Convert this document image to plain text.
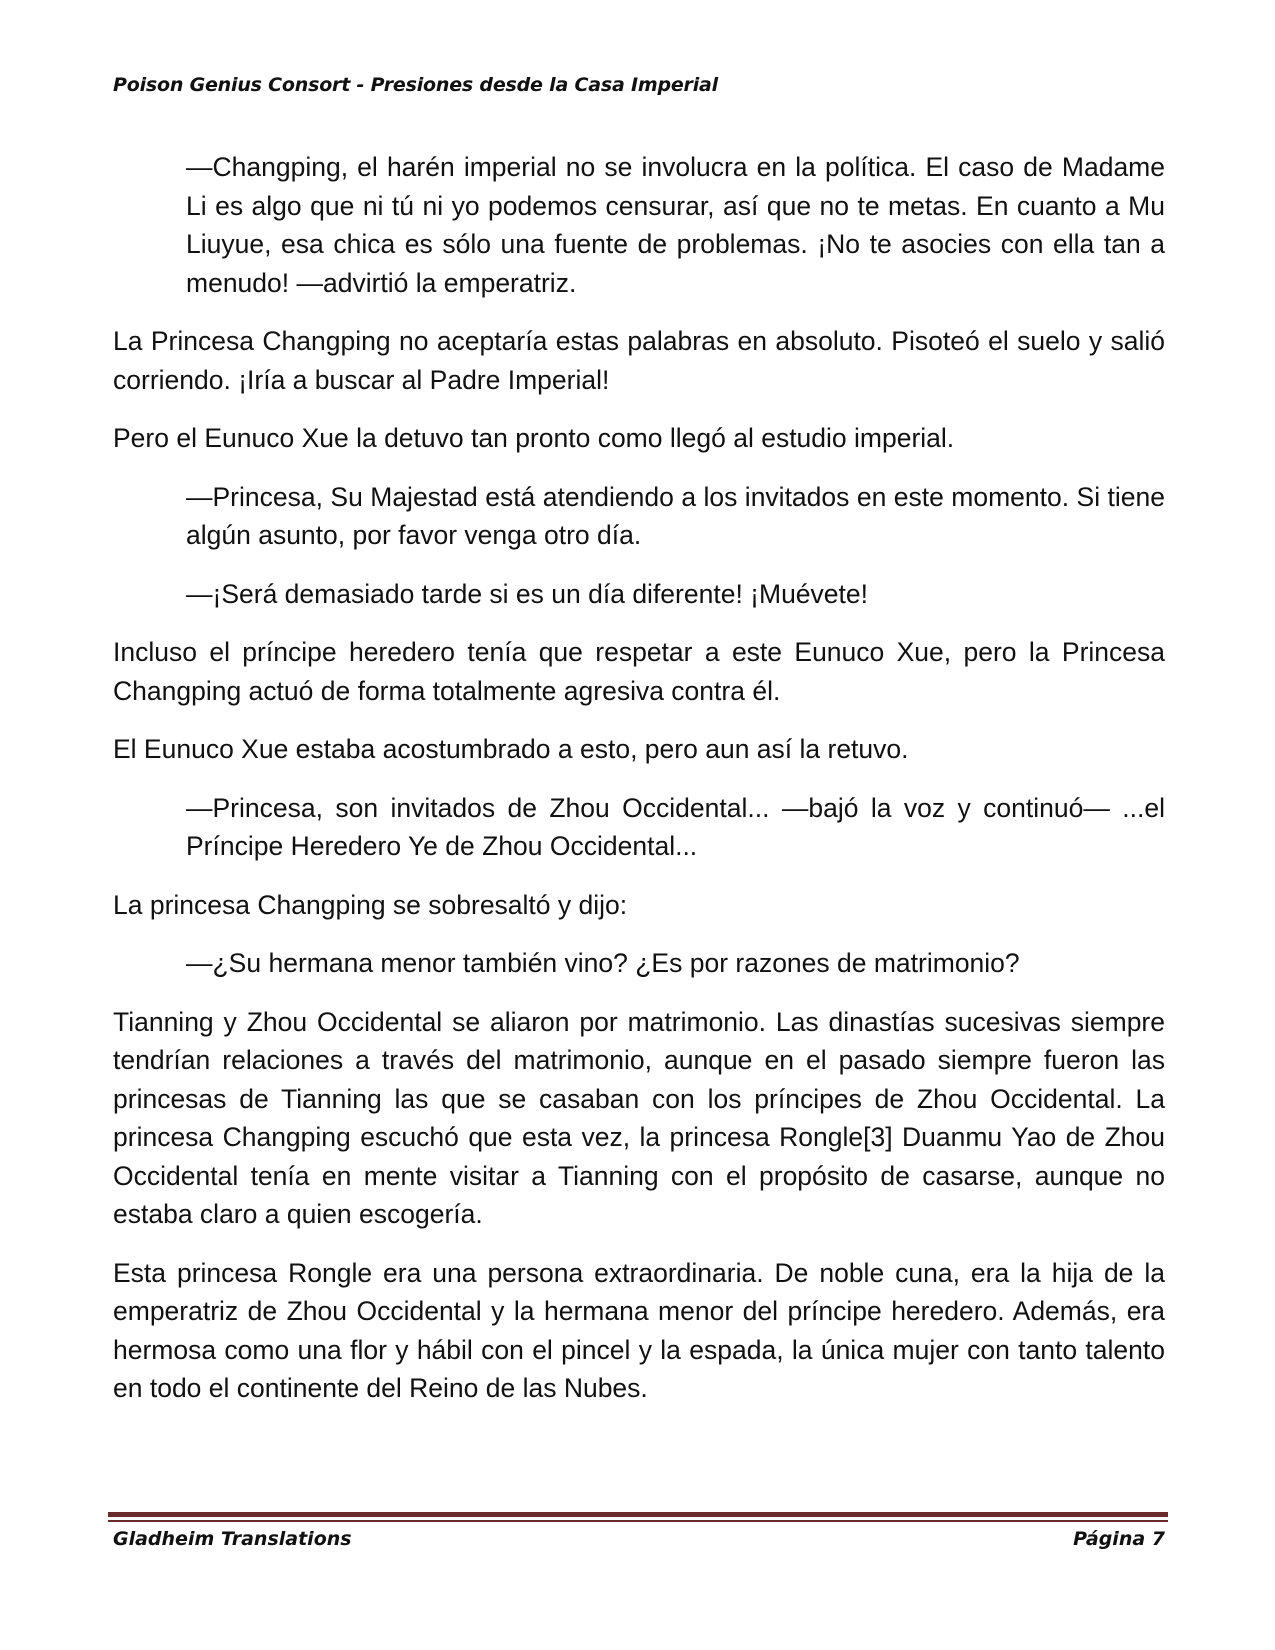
Poison Genius Consort - Presiones desde la Casa Imperial

—Changping, el harén imperial no se involucra en la política. El caso de Madame Li es algo que ni tú ni yo podemos censurar, así que no te metas. En cuanto a Mu Liuyue, esa chica es sólo una fuente de problemas. ¡No te asocies con ella tan a menudo! —advirtió la emperatriz.

La Princesa Changping no aceptaría estas palabras en absoluto. Pisoteó el suelo y salió corriendo. ¡Iría a buscar al Padre Imperial!

Pero el Eunuco Xue la detuvo tan pronto como llegó al estudio imperial.

—Princesa, Su Majestad está atendiendo a los invitados en este momento. Si tiene algún asunto, por favor venga otro día.

—¡Será demasiado tarde si es un día diferente! ¡Muévete!

Incluso el príncipe heredero tenía que respetar a este Eunuco Xue, pero la Princesa Changping actuó de forma totalmente agresiva contra él.

El Eunuco Xue estaba acostumbrado a esto, pero aun así la retuvo.

—Princesa, son invitados de Zhou Occidental... —bajó la voz y continuó— ...el Príncipe Heredero Ye de Zhou Occidental...

La princesa Changping se sobresaltó y dijo:

—¿Su hermana menor también vino? ¿Es por razones de matrimonio?

Tianning y Zhou Occidental se aliaron por matrimonio. Las dinastías sucesivas siempre tendrían relaciones a través del matrimonio, aunque en el pasado siempre fueron las princesas de Tianning las que se casaban con los príncipes de Zhou Occidental. La princesa Changping escuchó que esta vez, la princesa Rongle[3] Duanmu Yao de Zhou Occidental tenía en mente visitar a Tianning con el propósito de casarse, aunque no estaba claro a quien escogería.

Esta princesa Rongle era una persona extraordinaria. De noble cuna, era la hija de la emperatriz de Zhou Occidental y la hermana menor del príncipe heredero. Además, era hermosa como una flor y hábil con el pincel y la espada, la única mujer con tanto talento en todo el continente del Reino de las Nubes.

Gladheim Translations	Página 7
